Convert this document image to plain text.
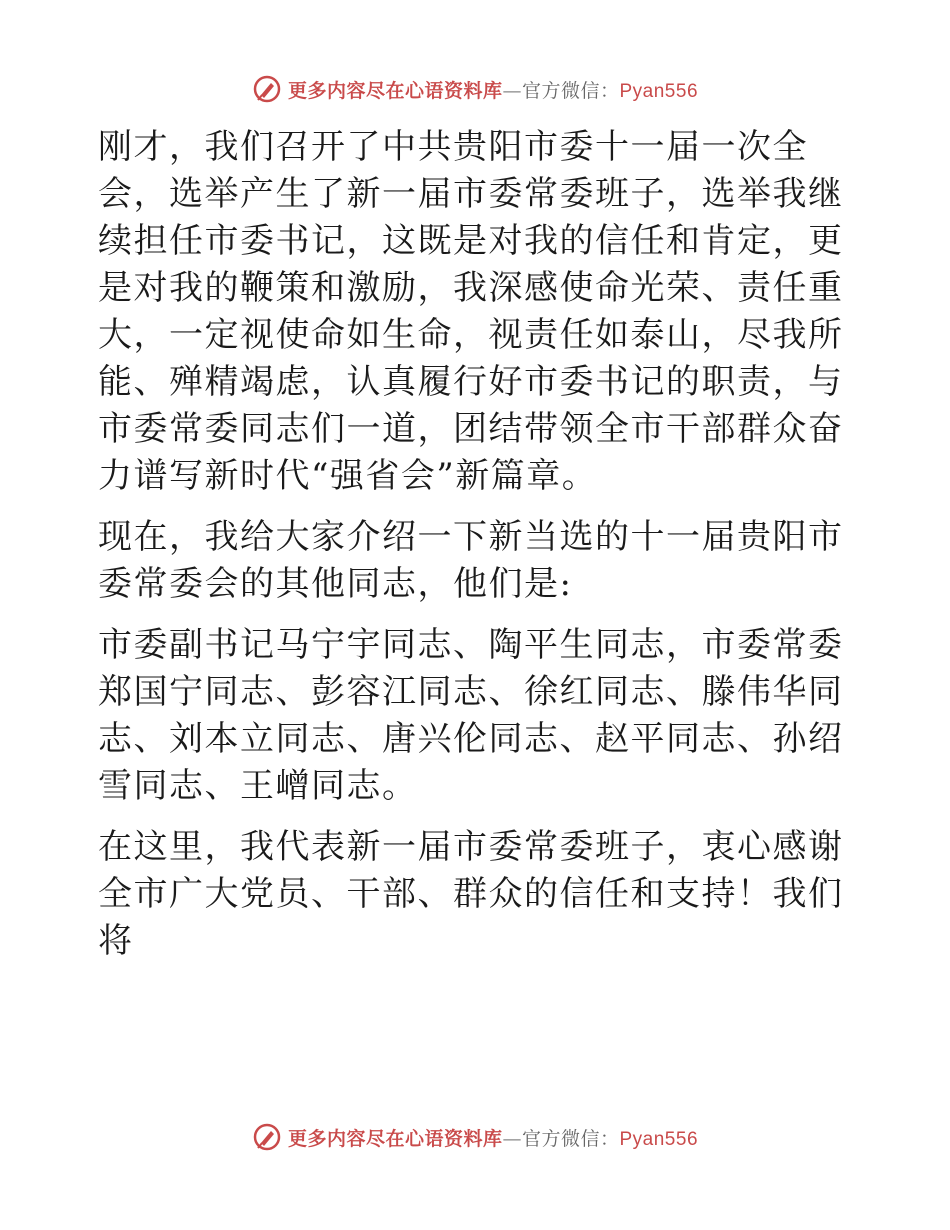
更多内容尽在心语资料库—官方微信：Pyan556

刚才，我们召开了中共贵阳市委十一届一次全会，选举产生了新一届市委常委班子，选举我继续担任市委书记，这既是对我的信任和肯定，更是对我的鞭策和激励，我深感使命光荣、责任重大，一定视使命如生命，视责任如泰山，尽我所能、殚精竭虑，认真履行好市委书记的职责，与市委常委同志们一道，团结带领全市干部群众奋力谱写新时代“强省会”新篇章。

现在，我给大家介绍一下新当选的十一届贵阳市委常委会的其他同志，他们是:

市委副书记马宁宇同志、陶平生同志，市委常委郑国宁同志、彭容江同志、徐红同志、滕伟华同志、刘本立同志、唐兴伦同志、赵平同志、孙绍雪同志、王嶒同志。

在这里，我代表新一届市委常委班子，衷心感谢全市广大党员、干部、群众的信任和支持！我们将

更多内容尽在心语资料库—官方微信：Pyan556
